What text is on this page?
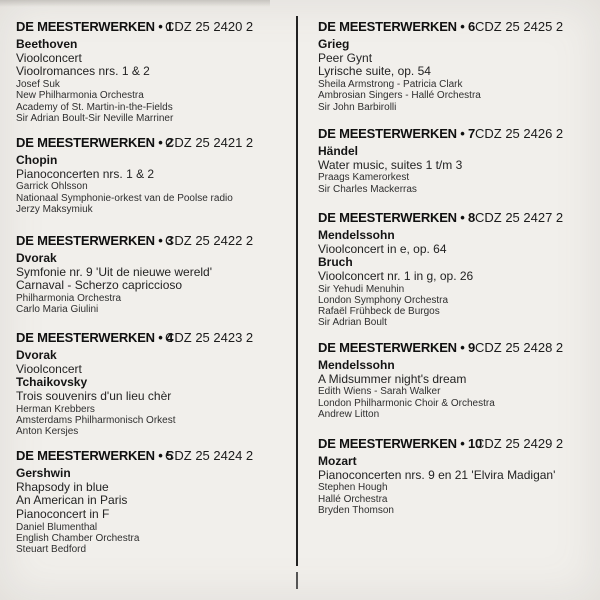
DE MEESTERWERKEN • 1
CDZ 25 2420 2
Beethoven
Vioolconcert
Vioolromances nrs. 1 & 2
Josef Suk
New Philharmonia Orchestra
Academy of St. Martin-in-the-Fields
Sir Adrian Boult-Sir Neville Marriner
DE MEESTERWERKEN • 2
CDZ 25 2421 2
Chopin
Pianoconcerten nrs. 1 & 2
Garrick Ohlsson
Nationaal Symphonie-orkest van de Poolse radio
Jerzy Maksymiuk
DE MEESTERWERKEN • 3
CDZ 25 2422 2
Dvorak
Symfonie nr. 9 'Uit de nieuwe wereld'
Carnaval - Scherzo capriccioso
Philharmonia Orchestra
Carlo Maria Giulini
DE MEESTERWERKEN • 4
CDZ 25 2423 2
Dvorak
Vioolconcert
Tchaikovsky
Trois souvenirs d'un lieu chèr
Herman Krebbers
Amsterdams Philharmonisch Orkest
Anton Kersjes
DE MEESTERWERKEN • 5
CDZ 25 2424 2
Gershwin
Rhapsody in blue
An American in Paris
Pianoconcert in F
Daniel Blumenthal
English Chamber Orchestra
Steuart Bedford
DE MEESTERWERKEN • 6 CDZ 25 2425 2
Grieg
Peer Gynt
Lyrische suite, op. 54
Sheila Armstrong - Patricia Clark
Ambrosian Singers - Hallé Orchestra
Sir John Barbirolli
DE MEESTERWERKEN • 7 CDZ 25 2426 2
Händel
Water music, suites 1 t/m 3
Praags Kamerorkest
Sir Charles Mackerras
DE MEESTERWERKEN • 8 CDZ 25 2427 2
Mendelssohn
Vioolconcert in e, op. 64
Bruch
Vioolconcert nr. 1 in g, op. 26
Sir Yehudi Menuhin
London Symphony Orchestra
Rafaël Frühbeck de Burgos
Sir Adrian Boult
DE MEESTERWERKEN • 9 CDZ 25 2428 2
Mendelssohn
A Midsummer night's dream
Edith Wiens - Sarah Walker
London Philharmonic Choir & Orchestra
Andrew Litton
DE MEESTERWERKEN • 10
CDZ 25 2429 2
Mozart
Pianoconcerten nrs. 9 en 21 'Elvira Madigan'
Stephen Hough
Hallé Orchestra
Bryden Thomson
